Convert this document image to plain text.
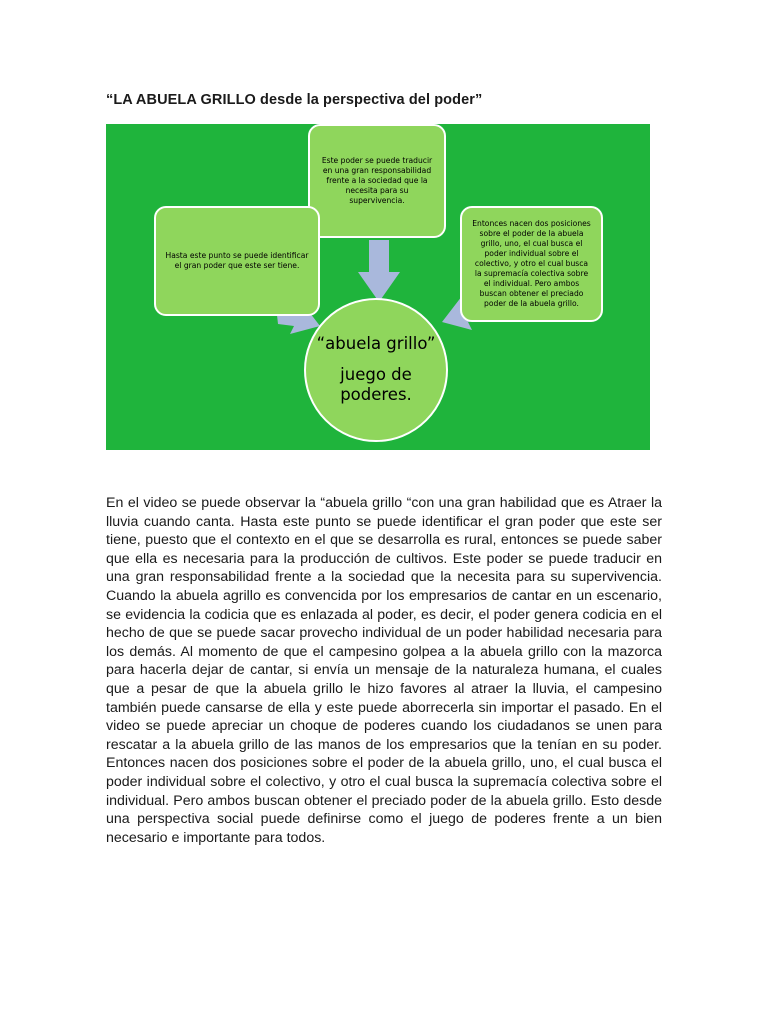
“LA ABUELA GRILLO desde la perspectiva del poder”
Este poder se puede traducir en una gran responsabilidad frente a la sociedad que la necesita para su supervivencia.
Hasta este punto se puede identificar el gran poder que este ser tiene.
Entonces nacen dos posiciones sobre el poder de la abuela grillo, uno, el cual busca el poder individual sobre el colectivo, y otro el cual busca la supremacía colectiva sobre el individual. Pero ambos buscan obtener el preciado poder de la abuela grillo.
“abuela grillo”
juego de poderes.
En el video se puede observar la “abuela grillo “con una gran habilidad que es Atraer la lluvia cuando canta. Hasta este punto se puede identificar el gran poder que este ser tiene, puesto que el contexto en el que se desarrolla es rural, entonces se puede saber que ella es necesaria para la producción de cultivos. Este poder se puede traducir en una gran responsabilidad frente a la sociedad que la necesita para su supervivencia. Cuando la abuela agrillo es convencida por los empresarios de cantar en un escenario, se evidencia la codicia que es enlazada al poder, es decir, el poder genera codicia en el hecho de que se puede sacar provecho individual de un poder habilidad necesaria para los demás. Al momento de que el campesino golpea a la abuela grillo con la mazorca para hacerla dejar de cantar, si envía un mensaje de la naturaleza humana, el cuales que a pesar de que la abuela grillo le hizo favores al atraer la lluvia, el campesino también puede cansarse de ella y este puede aborrecerla sin importar el pasado. En el video se puede apreciar un choque de poderes cuando los ciudadanos se unen para rescatar a la abuela grillo de las manos de los empresarios que la tenían en su poder. Entonces nacen dos posiciones sobre el poder de la abuela grillo, uno, el cual busca el poder individual sobre el colectivo, y otro el cual busca la supremacía colectiva sobre el individual. Pero ambos buscan obtener el preciado poder de la abuela grillo. Esto desde una perspectiva social puede definirse como el juego de poderes frente a un bien necesario e importante para todos.
